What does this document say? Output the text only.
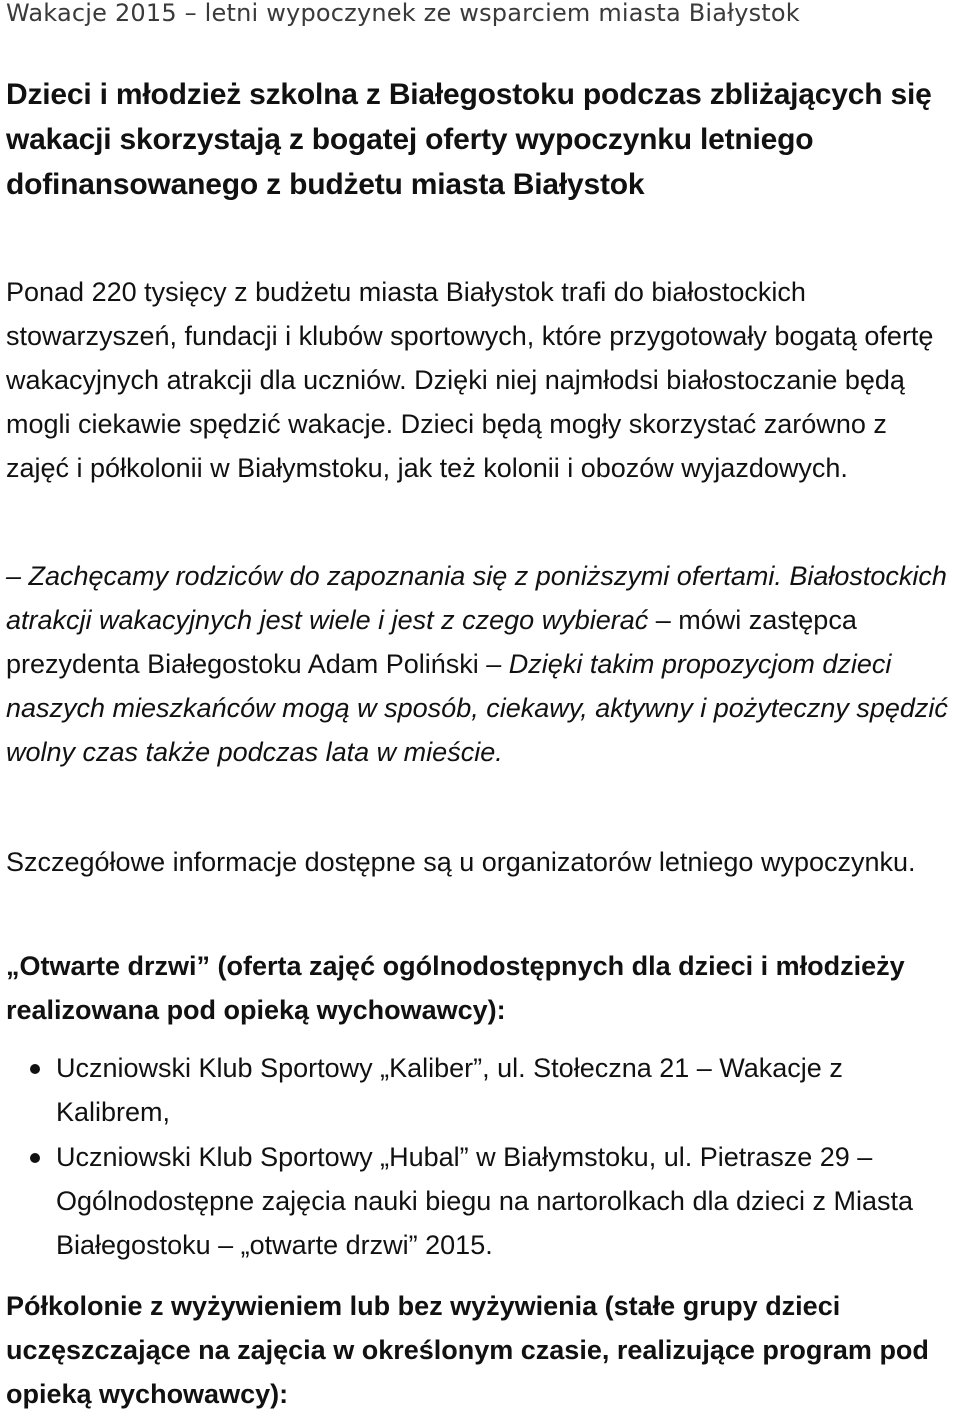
Wakacje 2015 – letni wypoczynek ze wsparciem miasta Białystok

Dzieci i młodzież szkolna z Białegostoku podczas zbliżających się wakacji skorzystają z bogatej oferty wypoczynku letniego dofinansowanego z budżetu miasta Białystok

Ponad 220 tysięcy z budżetu miasta Białystok trafi do białostockich stowarzyszeń, fundacji i klubów sportowych, które przygotowały bogatą ofertę wakacyjnych atrakcji dla uczniów. Dzięki niej najmłodsi białostoczanie będą mogli ciekawie spędzić wakacje. Dzieci będą mogły skorzystać zarówno z zajęć i półkolonii w Białymstoku, jak też kolonii i obozów wyjazdowych.

– Zachęcamy rodziców do zapoznania się z poniższymi ofertami. Białostockich atrakcji wakacyjnych jest wiele i jest z czego wybierać – mówi zastępca prezydenta Białegostoku Adam Poliński – Dzięki takim propozycjom dzieci naszych mieszkańców mogą w sposób, ciekawy, aktywny i pożyteczny spędzić wolny czas także podczas lata w mieście.

Szczegółowe informacje dostępne są u organizatorów letniego wypoczynku.

„Otwarte drzwi” (oferta zajęć ogólnodostępnych dla dzieci i młodzieży realizowana pod opieką wychowawcy):

Uczniowski Klub Sportowy „Kaliber”, ul. Stołeczna 21 – Wakacje z Kalibrem,
Uczniowski Klub Sportowy „Hubal” w Białymstoku, ul. Pietrasze 29 – Ogólnodostępne zajęcia nauki biegu na nartorolkach dla dzieci z Miasta Białegostoku – „otwarte drzwi” 2015.

Półkolonie z wyżywieniem lub bez wyżywienia (stałe grupy dzieci uczęszczające na zajęcia w określonym czasie, realizujące program pod opieką wychowawcy):
